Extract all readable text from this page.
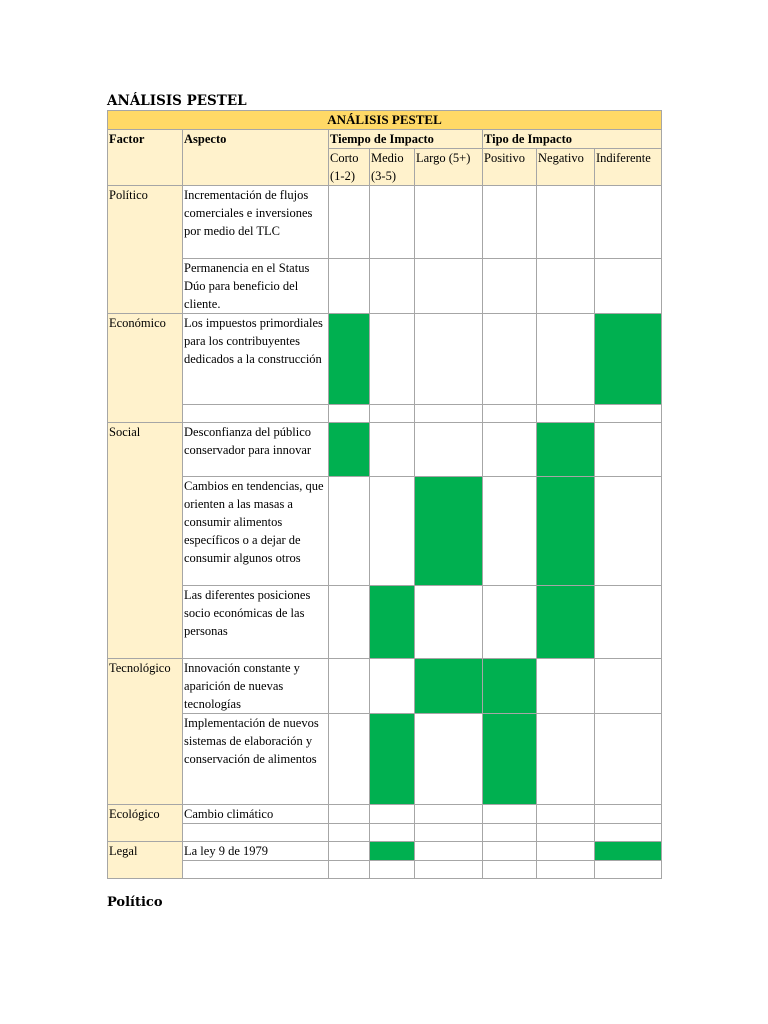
ANÁLISIS PESTEL
ANÁLISIS PESTEL							
Factor	Aspecto	Tiempo de Impacto			Tipo de Impacto		
		Corto (1-2)	Medio (3-5)	Largo (5+)	Positivo	Negativo	Indiferente
Político	Incrementación de flujos comerciales e inversiones por medio del TLC						
	Permanencia en el Status Dúo para beneficio del cliente.						
Económico	Los impuestos primordiales para los contribuyentes dedicados a la construcción						

Social	Desconfianza del público conservador para innovar						
	Cambios en tendencias, que orienten a las masas a consumir alimentos específicos o a dejar de consumir algunos otros						
	Las diferentes posiciones socio económicas de las personas						
Tecnológico	Innovación constante y aparición de nuevas tecnologías						
	Implementación de nuevos sistemas de elaboración y conservación de alimentos						
Ecológico	Cambio climático						

Legal	La ley 9 de 1979						

Político
